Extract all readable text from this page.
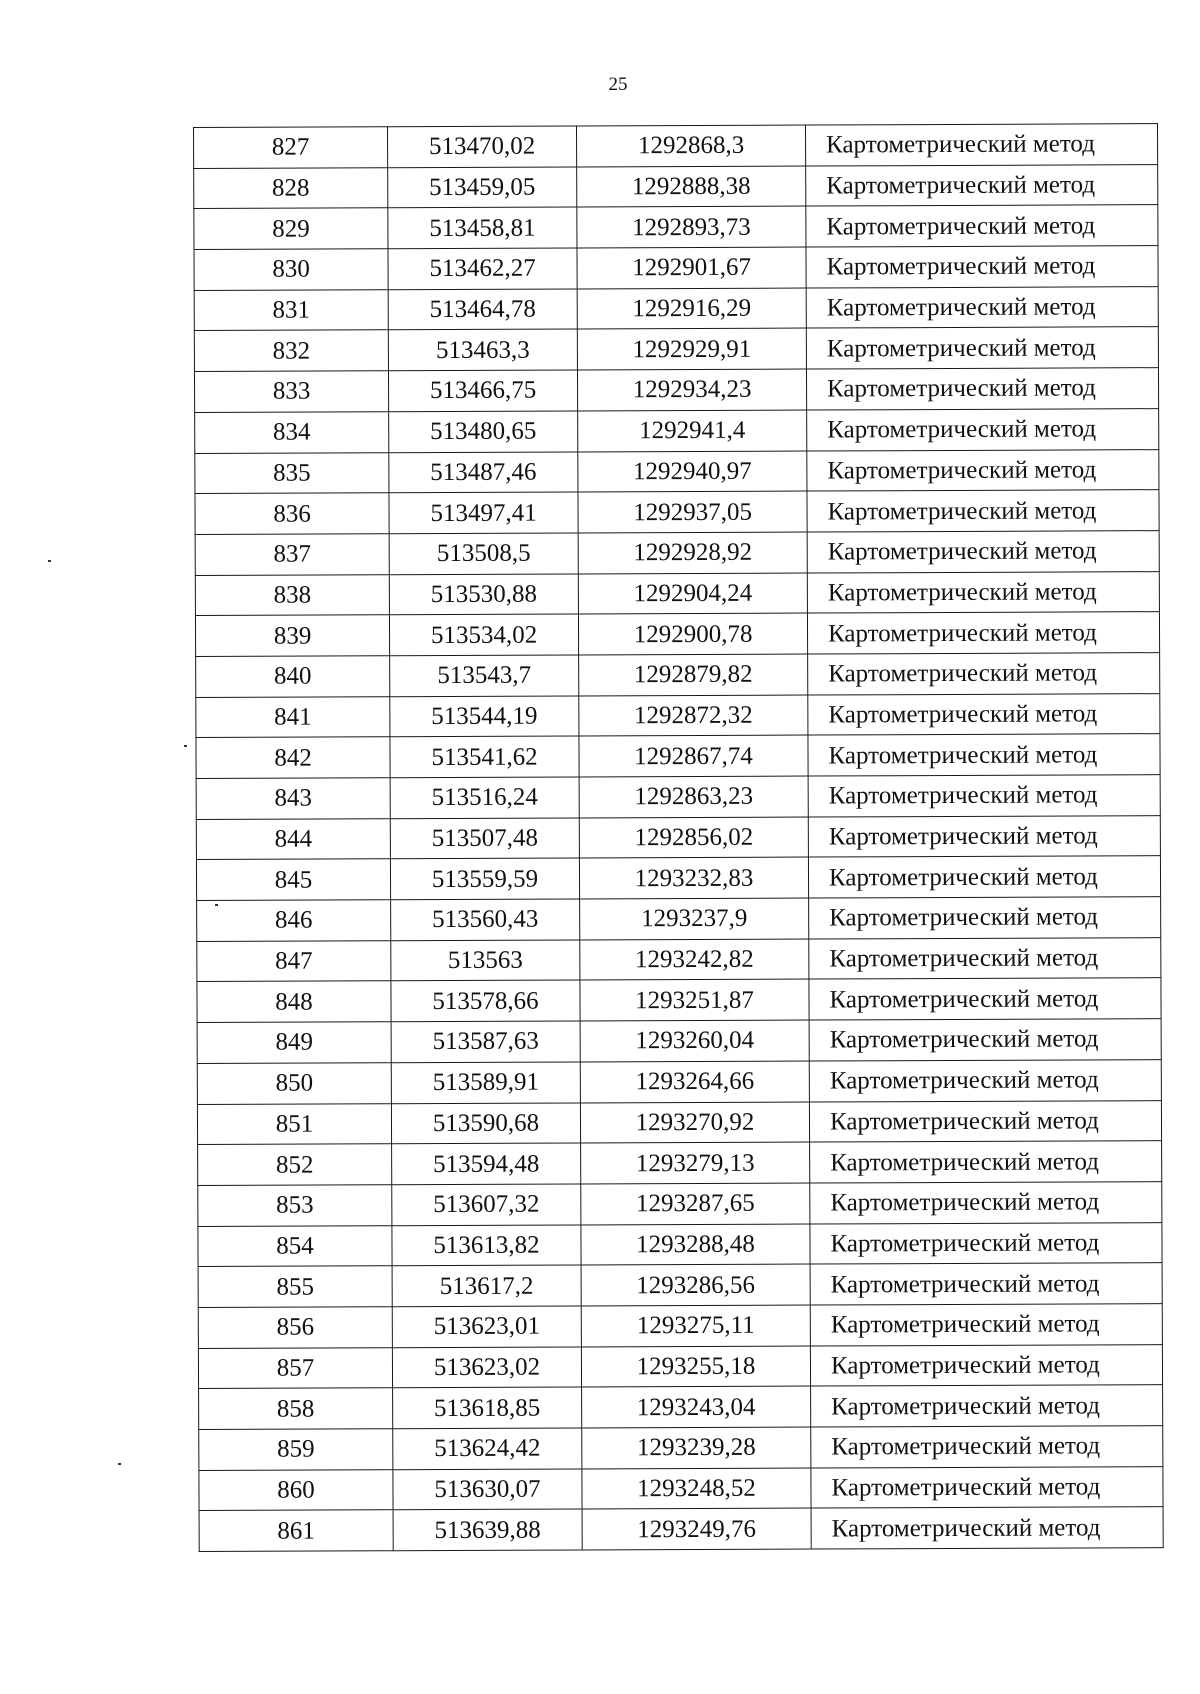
25
827	513470,02	1292868,3	Картометрический метод
828	513459,05	1292888,38	Картометрический метод
829	513458,81	1292893,73	Картометрический метод
830	513462,27	1292901,67	Картометрический метод
831	513464,78	1292916,29	Картометрический метод
832	513463,3	1292929,91	Картометрический метод
833	513466,75	1292934,23	Картометрический метод
834	513480,65	1292941,4	Картометрический метод
835	513487,46	1292940,97	Картометрический метод
836	513497,41	1292937,05	Картометрический метод
837	513508,5	1292928,92	Картометрический метод
838	513530,88	1292904,24	Картометрический метод
839	513534,02	1292900,78	Картометрический метод
840	513543,7	1292879,82	Картометрический метод
841	513544,19	1292872,32	Картометрический метод
842	513541,62	1292867,74	Картометрический метод
843	513516,24	1292863,23	Картометрический метод
844	513507,48	1292856,02	Картометрический метод
845	513559,59	1293232,83	Картометрический метод
846	513560,43	1293237,9	Картометрический метод
847	513563	1293242,82	Картометрический метод
848	513578,66	1293251,87	Картометрический метод
849	513587,63	1293260,04	Картометрический метод
850	513589,91	1293264,66	Картометрический метод
851	513590,68	1293270,92	Картометрический метод
852	513594,48	1293279,13	Картометрический метод
853	513607,32	1293287,65	Картометрический метод
854	513613,82	1293288,48	Картометрический метод
855	513617,2	1293286,56	Картометрический метод
856	513623,01	1293275,11	Картометрический метод
857	513623,02	1293255,18	Картометрический метод
858	513618,85	1293243,04	Картометрический метод
859	513624,42	1293239,28	Картометрический метод
860	513630,07	1293248,52	Картометрический метод
861	513639,88	1293249,76	Картометрический метод
